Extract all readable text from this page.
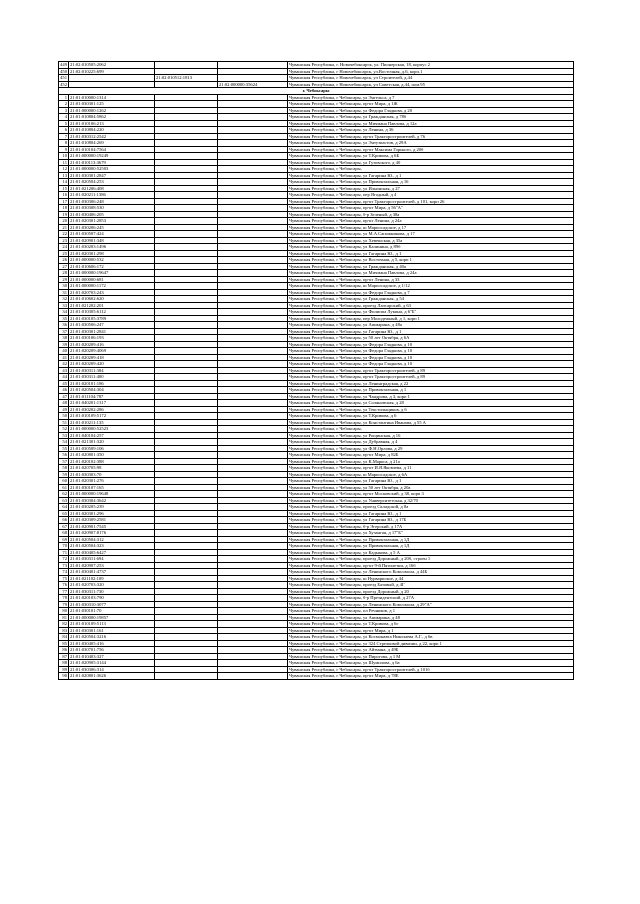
449	21:02:010505:2062			Чувашская Республика, г. Новочебоксарск, ул. Пионерская, 18, корпус 2
450	21:02:010225:699			Чувашская Республика, г Новочебоксарск, ул.Восточная, д.6, корп.1
451		21:02:010512:1813		Чувашская Республика, г Новочебоксарск, ул Строителей, д.44
452			21:02:000000:35624	Чувашская Республика, г Новочебоксарск, ул Советская, д.44, пом.95
г. Чебоксары				
1	21:01:010000:1314			Чувашская Республика, г Чебоксары, ул Энгельса, д 7
2	21:01:030301:125			Чувашская Республика, г Чебоксары, пр-кт Мира, д 1Ж
3	21:01:000000:1262			Чувашская Республика, г Чебоксары, ул Федора Гладкова, д 20
4	21:01:010804:5862			Чувашская Республика, г Чебоксары, ул Гражданская, д 78б
5	21:01:010106:213			Чувашская Республика, г Чебоксары, ул Мичмана Павлова, д 12а
6	21:01:010804:220			Чувашская Республика, г Чебоксары, ул Ленина, д 36
7	21:01:030312:2542			Чувашская Республика, г Чебоксары, пр-кт Тракторостроителей, д 76
8	21:01:010804:269			Чувашская Республика, г Чебоксары, ул Энтузиастов, д 29А
9	21:01:010104:7564			Чувашская Республика, г Чебоксары, пр-кт Максима Горького, д 20б
10	21:01:000000:19249			Чувашская Республика, г Чебоксары, ул Т.Кривова, д 6Б
11	21:01:010113:3679			Чувашская Республика, г Чебоксары, ул Гузовского, д 40
12	21:01:000000:52503			Чувашская Республика, г Чебоксары,
13	21:01:030301:2847			Чувашская Республика, г Чебоксары, ул Гагарина Ю., д 1
14	21:01:020504:253			Чувашская Республика, г Чебоксары, ул Привокзальная, д 16
15	21:01:021206:408			Чувашская Республика, г Чебоксары, ул Ильинская, д 27
16	21:01:020211:1386			Чувашская Республика, г Чебоксары, пер Ягодный, д 4
17	21:01:030306:248			Чувашская Республика, г Чебоксары, пр-кт Тракторостроителей, д 101, корп 26
18	21:01:030308:530			Чувашская Республика, г Чебоксары, пр-кт Мира, д 56"А"
19	21:01:030406:205			Чувашская Республика, г Чебоксары, б-р Зеленый, д 38а
20	21:01:020301:2853			Чувашская Республика, г Чебоксары, пр-кт Ленина, д 24а
21	21:01:030206:245			Чувашская Республика, г Чебоксары, ш Марпосадское, д 17
22	21:01:030507:424			Чувашская Республика, г Чебоксары, ул М.А.Сапожникова, д 17
23	21:01:020901:348			Чувашская Республика, г Чебоксары, ул Хевешская, д 35а
24	21:01:030203:1496			Чувашская Республика, г Чебоксары, ул Калинина, д 89б
25	21:01:020301:298			Чувашская Республика, г Чебоксары, ул Гагарина Ю., д 1
26	21:01:000000:532			Чувашская Республика, г Чебоксары, ул Восточная, д 5, корп 1
27	21:01:010606:172			Чувашская Республика, г Чебоксары, ул Гражданская, д 40а
28	21:01:000000:19647			Чувашская Республика, г Чебоксары, ул Мичмана Павлова, д 24а
29	21:01:000000:681			Чувашская Республика, г Чебоксары, пр-кт Ленина, д 33
30	21:01:000000:1172			Чувашская Республика, г Чебоксары, ш Марпосадское, д 1/12
31	21:01:020703:243			Чувашская Республика, г Чебоксары, ул Федора Гладкова, д 7
32	21:01:010602:620			Чувашская Республика, г Чебоксары, ул Гражданская, д 54
33	21:01:021202:201			Чувашская Республика, г Чебоксары, проезд Лапсарский, д 63
34	21:01:010305:6112			Чувашская Республика, г Чебоксары, ул Филиппа Лукина, д 6"Б"
35	21:01:030105:3789			Чувашская Республика, г Чебоксары, пер Молодежный, д 1, корп 1
36	21:01:030506:247			Чувашская Республика, г Чебоксары, ул Ашмарина, д 48а
37	21:01:030301:2841			Чувашская Республика, г Чебоксары, ул Гагарина Ю., д 1
38	21:01:030106:193			Чувашская Республика, г Чебоксары, ул 50 лет Октября, д 6А
39	21:01:020209:416			Чувашская Республика, г Чебоксары, ул Федора Гладкова, д 10
40	21:01:020209:4069			Чувашская Республика, г Чебоксары, ул Федора Гладкова, д 10
41	21:01:020209:418			Чувашская Республика, г Чебоксары, ул Федора Гладкова, д 10
42	21:01:020209:420			Чувашская Республика, г Чебоксары, ул Федора Гладкова, д 10
43	21:01:030311:384			Чувашская Республика, г Чебоксары, пр-кт Тракторостроителей, д 89
44	21:01:030311:400			Чувашская Республика, г Чебоксары, пр-кт Тракторостроителей, д 89
45	21:01:020101:186			Чувашская Республика, г Чебоксары, ул Ленинградская, д 22
46	21:01:020504:304			Чувашская Республика, г Чебоксары, ул Привокзальная, д 1
47	21:01:011104:787			Чувашская Республика, г Чебоксары, ул Чандрова, д 3, корп 1
48	21:01:040201:1317			Чувашская Республика, г Чебоксары, ул Соляновская, д 28
49	21:01:030202:286			Чувашская Республика, г Чебоксары, ул Текстильщиков, д 6
50	21:01:010109:5172			Чувашская Республика, г Чебоксары, ул Т.Кривова, д 6
51	21:01:010211:135			Чувашская Республика, г Чебоксары, ул Константина Иванова, д 55 А
52	21:01:000000:52523			Чувашская Республика, г Чебоксары,
53	21:01:040104:257			Чувашская Республика, г Чебоксары, ул Рощинская, д 16
54	21:01:021301:320			Чувашская Республика, г Чебоксары, ул Дубравная, д 4
55	21:01:030509:106			Чувашская Республика, г Чебоксары, ул Ф.Н.Орлова, д 29
56	21:01:020801:350			Чувашская Республика, г Чебоксары, пр-кт Мира, д 82Б
57	21:01:020102:388			Чувашская Республика, г Чебоксары, ул К.Маркса, д 21а
58	21:01:020705:98			Чувашская Республика, г Чебоксары, пр-кт И.Я.Яковлева, д 11
59	21:01:030303:70			Чувашская Республика, г Чебоксары, ш Марпосадское, д 6А
60	21:01:020301:276			Чувашская Республика, г Чебоксары, ул Гагарина Ю., д 1
61	21:01:030107:165			Чувашская Республика, г Чебоксары, ул 50 лет Октября, д 20а
62	21:01:000000:19648			Чувашская Республика, г Чебоксары, пр-кт Московский, д 38, корп 3
63	21:01:030304:3642			Чувашская Республика, г Чебоксары, ул Университетская, д 32/70
64	21:01:030205:239			Чувашская Республика, г Чебоксары, проезд Складской, д 8а
65	21:01:020301:296			Чувашская Республика, г Чебоксары, ул Гагарина Ю., д 1
66	21:01:020309:2581			Чувашская Республика, г Чебоксары, ул Гагарина Ю., д 17Б
67	21:01:020901:7545			Чувашская Республика, г Чебоксары, б-р Эгерский, д 17А
68	21:01:020907:8176			Чувашская Республика, г Чебоксары, ул Хузангая, д 17"Б"
69	21:01:020504:312			Чувашская Республика, г Чебоксары, ул Привокзальная, д 1Д
70	21:01:020504:323			Чувашская Республика, г Чебоксары, ул Привокзальная, д 1Д
71	21:01:030405:6427			Чувашская Республика, г Чебоксары, ул Кадыкова, д 5 А
72	21:01:030311:694			Чувашская Республика, г Чебоксары, проезд Дорожный, д 20б, строен 1
73	21:01:020907:253			Чувашская Республика, г Чебоксары, пр-кт 9-й Пятилетки, д 16б
74	21:01:030401:4737			Чувашская Республика, г Чебоксары, ул Ленинского Комсомола, д 44Б
75	21:01:021102:109			Чувашская Республика, г Чебоксары, ш Нурвариское, д 44
76	21:01:020703:320			Чувашская Республика, г Чебоксары, проезд Базовый, д 4Г
77	21:01:030311:730			Чувашская Республика, г Чебоксары, проезд Дорожный, д 20
78	21:01:020103:790			Чувашская Республика, г Чебоксары, б-р Президентский, д 27А
79	21:01:030310:3077			Чувашская Республика, г Чебоксары, ул Ленинского Комсомола, д 29"А"
80	21:01:030101:70			Чувашская Республика, г Чебоксары, пл Речников, д 1
81	21:01:000000:19857			Чувашская Республика, г Чебоксары, ул Ашмарина, д 48
82	21:01:010109:5113			Чувашская Республика, г Чебоксары, ул Т.Кривова, д 6г
83	21:01:030301:161			Чувашская Республика, г Чебоксары, пр-кт Мира, д 1
84	21:01:020504:3216			Чувашская Республика, г Чебоксары, ул Космонавта Николаева А.Г., д 6в
85	21:01:030405:416			Чувашская Республика, г Чебоксары, ул 324 Стрелковой дивизии, д 22, корп 1
86	21:01:030701:756			Чувашская Республика, г Чебоксары, ул Айзмана, д 49Б
87	21:01:010403:327			Чувашская Республика, г Чебоксары, ул Пирогова, д 1 М
88	21:01:020905:3144			Чувашская Республика, г Чебоксары, ул Шумилова, д 6а
89	21:01:030306:314			Чувашская Республика, г Чебоксары, пр-кт Тракторостроителей, д 101б
90	21:01:020801:3626			Чувашская Республика, г Чебоксары, пр-кт Мира, д 78Е
